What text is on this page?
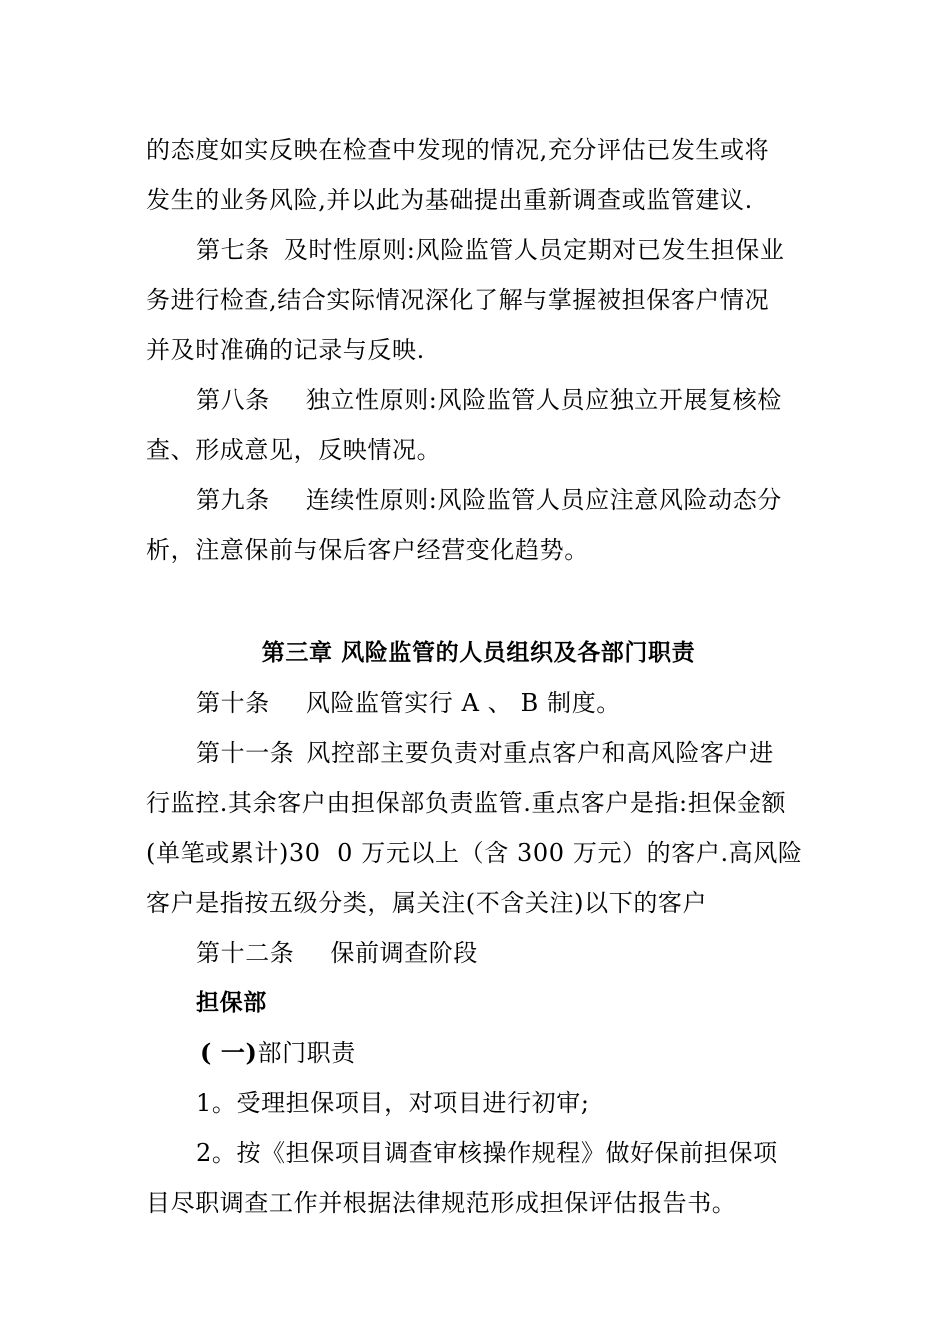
的态度如实反映在检查中发现的情况,充分评估已发生或将
发生的业务风险,并以此为基础提出重新调查或监管建议.
第七条 及时性原则:风险监管人员定期对已发生担保业
务进行检查,结合实际情况深化了解与掌握被担保客户情况
并及时准确的记录与反映.
第八条 独立性原则:风险监管人员应独立开展复核检
查、形成意见，反映情况。
第九条 连续性原则:风险监管人员应注意风险动态分
析，注意保前与保后客户经营变化趋势。
第三章 风险监管的人员组织及各部门职责
第十条 风险监管实行 A 、 B 制度。
第十一条 风控部主要负责对重点客户和高风险客户进
行监控.其余客户由担保部负责监管.重点客户是指:担保金额
(单笔或累计)30  0 万元以上（含 300 万元）的客户.高风险
客户是指按五级分类，属关注(不含关注)以下的客户
第十二条 保前调查阶段
担保部
( 一)部门职责
1。受理担保项目，对项目进行初审;
2。按《担保项目调查审核操作规程》做好保前担保项
目尽职调查工作并根据法律规范形成担保评估报告书。
